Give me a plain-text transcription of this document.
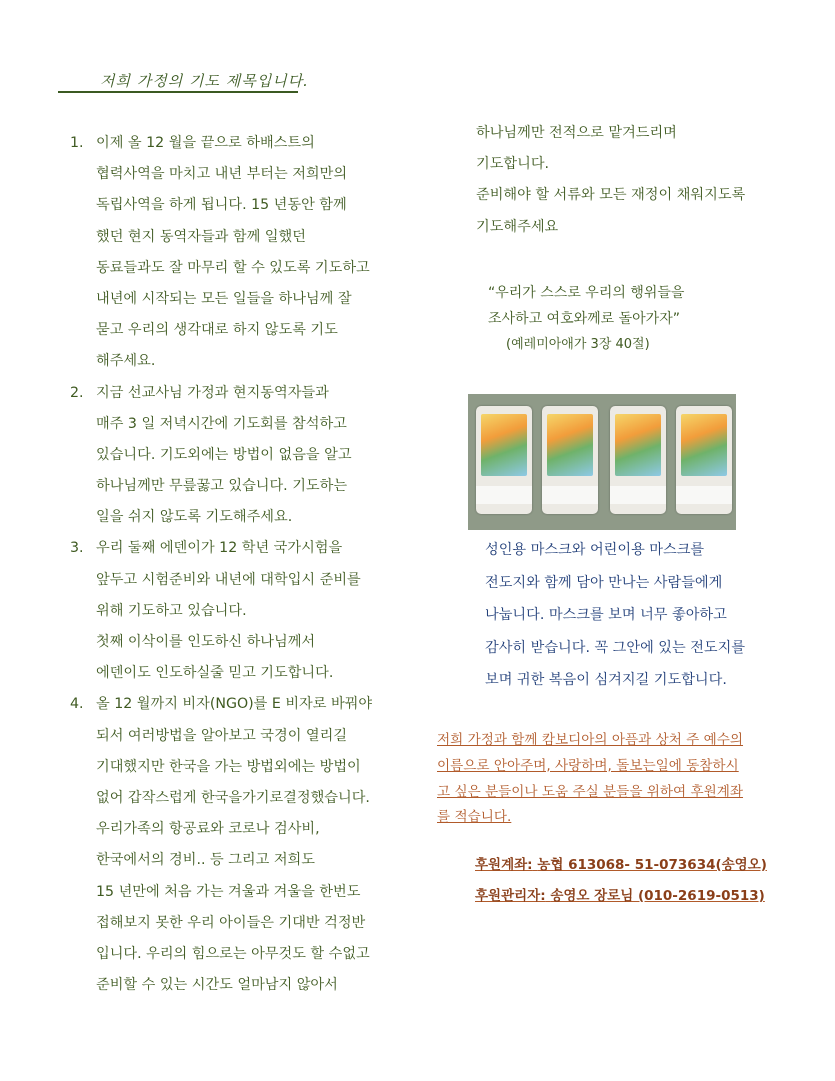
저희 가정의 기도 제목입니다.
1. 이제 올 12 월을 끝으로 하배스트의
협력사역을 마치고 내년 부터는 저희만의
독립사역을 하게 됩니다. 15 년동안 함께
했던 현지 동역자들과 함께 일했던
동료들과도 잘 마무리 할 수 있도록 기도하고
내년에 시작되는 모든 일들을 하나님께 잘
묻고 우리의 생각대로 하지 않도록 기도
해주세요.
2. 지금 선교사님 가정과 현지동역자들과
매주 3 일 저녁시간에 기도회를 참석하고
있습니다. 기도외에는 방법이 없음을 알고
하나님께만 무릎꿇고 있습니다. 기도하는
일을 쉬지 않도록 기도해주세요.
3. 우리 둘째 에덴이가 12 학년 국가시험을
앞두고 시험준비와 내년에 대학입시 준비를
위해 기도하고 있습니다.
첫째 이삭이를 인도하신 하나님께서
에덴이도 인도하실줄 믿고 기도합니다.
4. 올 12 월까지 비자(NGO)를 E 비자로 바꿔야
되서 여러방법을 알아보고 국경이 열리길
기대했지만 한국을 가는 방법외에는 방법이
없어 갑작스럽게 한국을가기로결정했습니다.
우리가족의 항공료와 코로나 검사비,
한국에서의 경비.. 등 그리고 저희도
15 년만에 처음 가는 겨울과 겨울을 한번도
접해보지 못한 우리 아이들은 기대반 걱정반
입니다. 우리의 힘으로는 아무것도 할 수없고
준비할 수 있는 시간도 얼마남지 않아서
하나님께만 전적으로 맡겨드리며
기도합니다.
준비해야 할 서류와 모든 재정이 채워지도록
기도해주세요
“우리가 스스로 우리의 행위들을
조사하고 여호와께로 돌아가자”
(예레미아애가 3장 40절)
성인용 마스크와 어린이용 마스크를
전도지와 함께 담아 만나는 사람들에게
나눕니다. 마스크를 보며 너무 좋아하고
감사히 받습니다. 꼭 그안에 있는 전도지를
보며 귀한 복음이 심겨지길 기도합니다.
저희 가정과 함께 캄보디아의 아픔과 상처 주 예수의
이름으로 안아주며, 사랑하며, 돌보는일에 동참하시
고 싶은 분들이나 도움 주실 분들을 위하여 후원계좌
를 적습니다.
후원계좌: 농협 613068- 51-073634(송영오)
후원관리자: 송영오 장로님 (010-2619-0513)
